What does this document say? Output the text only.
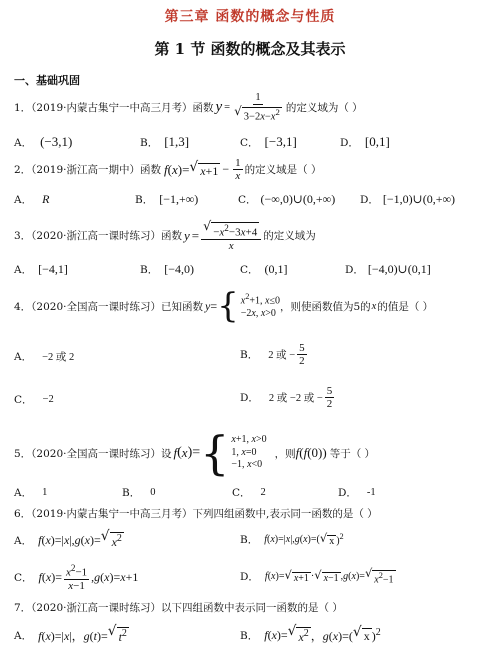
第三章 函数的概念与性质
第 1 节 函数的概念及其表示
一、基础巩固
1．（2019·内蒙古集宁一中高三月考）函数 $y = \frac{1}{√ 3-2x-x^2}$ 的定义域为（ ）
A． (−3,1)	B． [1,3]	C． [−3,1]	D． [0,1]
2．（2019·浙江高一期中）函数 f ( x )= √ $x+1 - \frac{1}{x}$ 的定义域是（ ）
A． R	B． [−1,+∞)	C． (−∞,0)∪(0,+∞) D． [−1,0)∪(0,+∞)
3．（2020·浙江高一课时练习）函数 $y = \frac{√ -x^2-3x+4}{x}$ 的定义域为
A． [−4,1]	B． [−4,0)	C． (0,1]	D． [−4,0)∪(0,1]
4．（2020·全国高一课时练习）已知函数 y = { $x^2+1$, x≤0
−2x, x>0
，则使函数值为5的 x 的值是（ ）
A． −2 或 2	B． 2 或 − $\frac{5}{2}$
C． −2	D． 2 或 −2 或 − $\frac{5}{2}$
5．（2020·全国高一课时练习）设 f ( x )= { x+1, x>0
1, x=0
−1, x<0
，则 f ( f (0)) 等于（ ）
A． 1	B． 0	C． 2	D． -1
6．（2019·内蒙古集宁一中高三月考）下列四组函数中,表示同一函数的是（ ）
A． f(x)=|x|,g(x)= √ $x^2$	B． f(x)=|x|,g(x)=( √ x )$^2$
C． $f(x)= \frac{x^2-1}{x-1} ,g(x)=x+1$	D． f(x)= √ x+1 · √ x−1 ,g(x)= √ $x^2-1$
7．（2020·浙江高一课时练习）以下四组函数中表示同一函数的是（ ）
A． f(x)=|x|，g(t)= √ $t^2$	B． f(x)= √ $x^2$ ，g(x)=( √ x )$^2$
